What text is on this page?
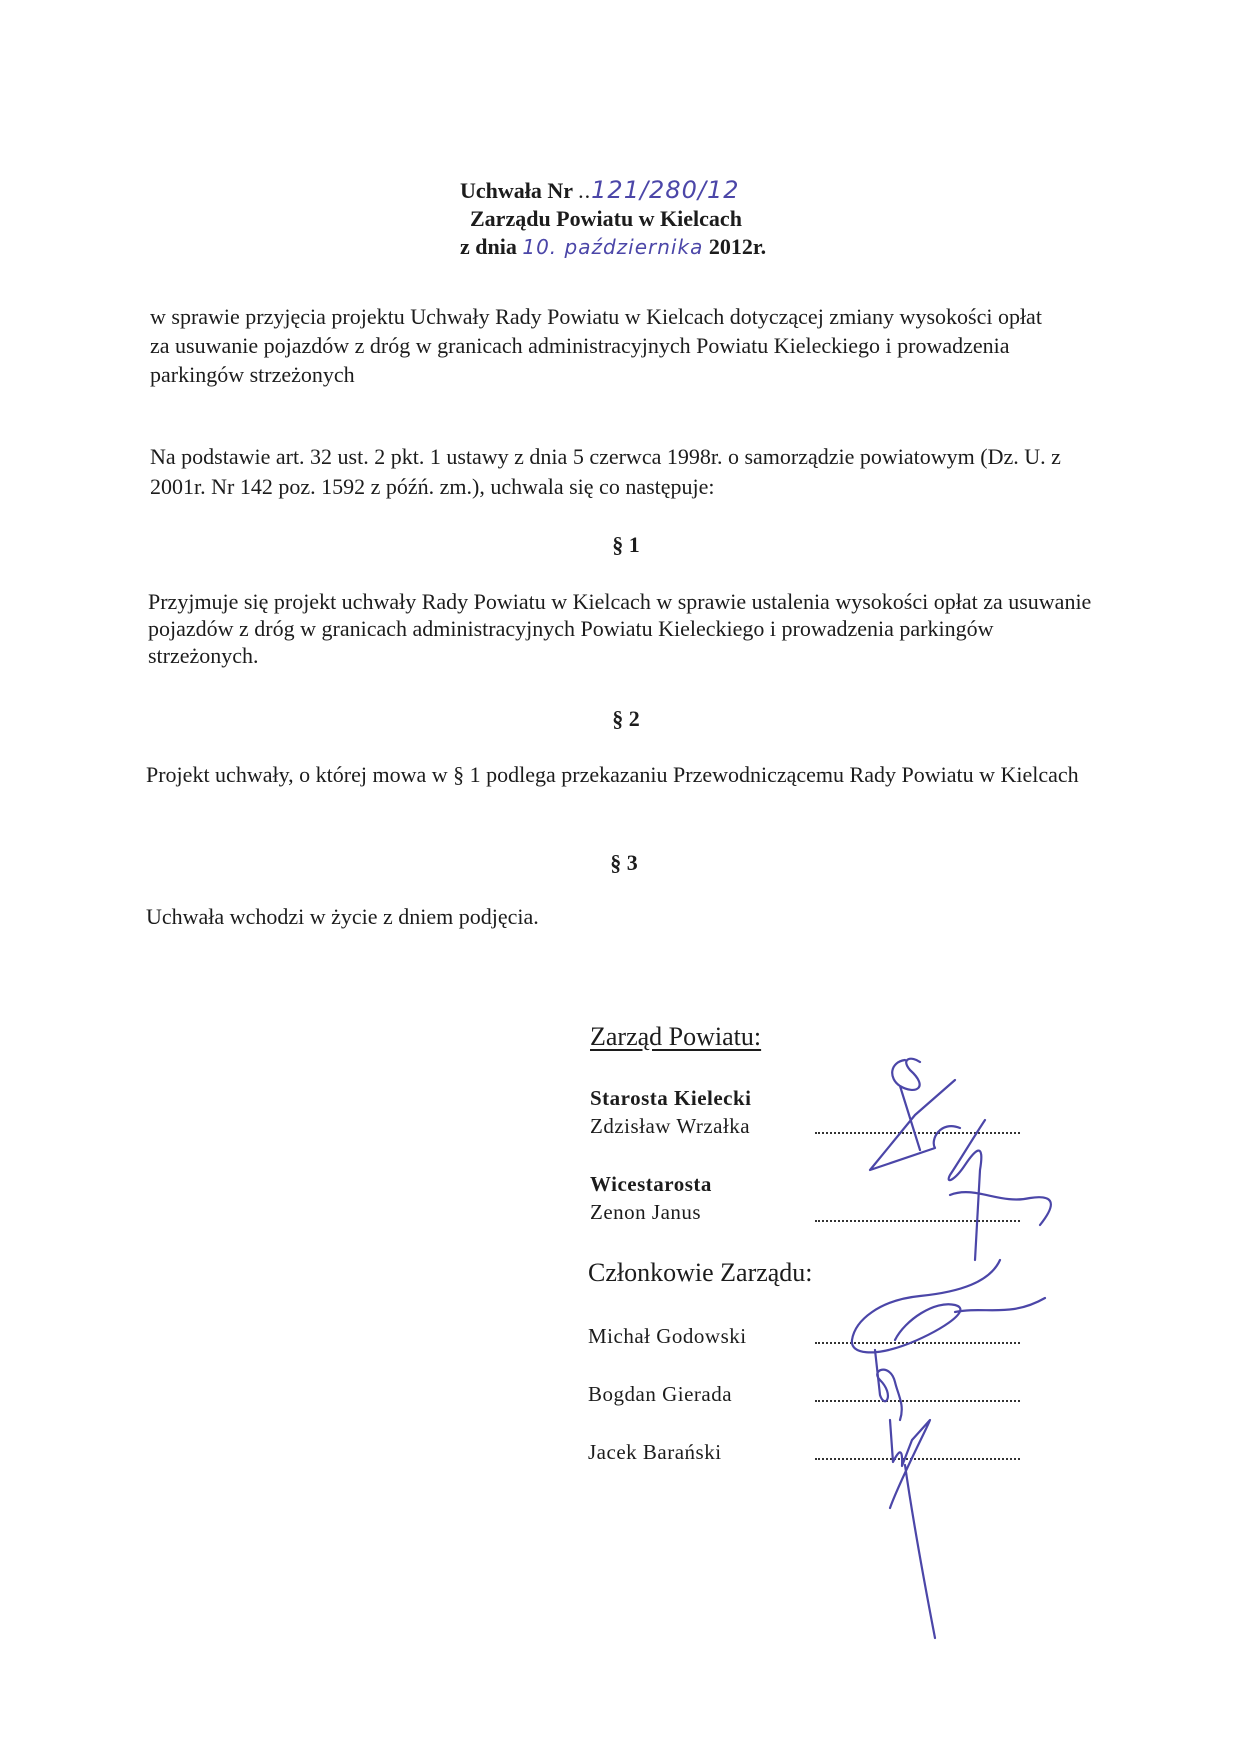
Uchwała Nr ..121/280/12
Zarządu Powiatu w Kielcach
z dnia 10. października 2012r.
w sprawie przyjęcia projektu Uchwały Rady Powiatu w Kielcach dotyczącej zmiany wysokości opłat za usuwanie pojazdów z dróg w granicach administracyjnych Powiatu Kieleckiego i prowadzenia parkingów strzeżonych
Na podstawie art. 32 ust. 2 pkt. 1 ustawy z dnia 5 czerwca 1998r. o samorządzie powiatowym (Dz. U. z 2001r. Nr 142 poz. 1592 z późń. zm.), uchwala się co następuje:
§ 1
Przyjmuje się projekt uchwały Rady Powiatu w Kielcach w sprawie ustalenia wysokości opłat za usuwanie pojazdów z dróg w granicach administracyjnych Powiatu Kieleckiego i prowadzenia parkingów strzeżonych.
§ 2
Projekt uchwały, o której mowa w § 1 podlega przekazaniu Przewodniczącemu Rady Powiatu w Kielcach
§ 3
Uchwała wchodzi w życie z dniem podjęcia.
Zarząd Powiatu:
Starosta Kielecki
Zdzisław Wrzałka
Wicestarosta
Zenon Janus
Członkowie Zarządu:
Michał Godowski
Bogdan Gierada
Jacek Barański
